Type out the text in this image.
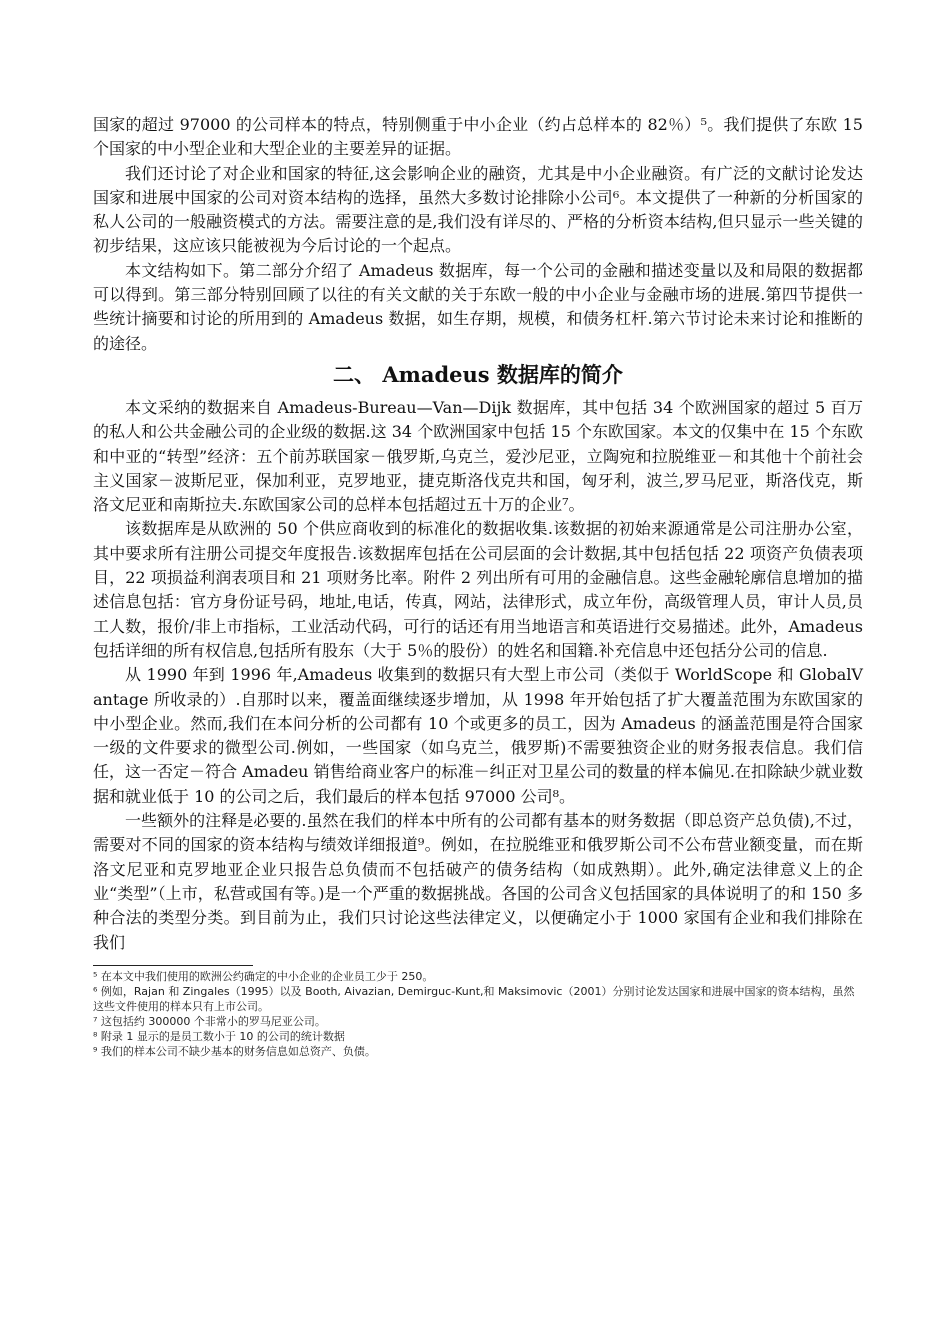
国家的超过 97000 的公司样本的特点，特别侧重于中小企业（约占总样本的 82％）⁵。我们提供了东欧 15 个国家的中小型企业和大型企业的主要差异的证据。

我们还讨论了对企业和国家的特征,这会影响企业的融资，尤其是中小企业融资。有广泛的文献讨论发达国家和进展中国家的公司对资本结构的选择，虽然大多数讨论排除小公司⁶。本文提供了一种新的分析国家的私人公司的一般融资模式的方法。需要注意的是,我们没有详尽的、严格的分析资本结构,但只显示一些关键的初步结果，这应该只能被视为今后讨论的一个起点。

本文结构如下。第二部分介绍了 Amadeus 数据库，每一个公司的金融和描述变量以及和局限的数据都可以得到。第三部分特别回顾了以往的有关文献的关于东欧一般的中小企业与金融市场的进展.第四节提供一些统计摘要和讨论的所用到的 Amadeus 数据，如生存期，规模，和债务杠杆.第六节讨论未来讨论和推断的的途径。

二、 Amadeus 数据库的简介

本文采纳的数据来自 Amadeus-Bureau—Van—Dijk 数据库，其中包括 34 个欧洲国家的超过 5 百万的私人和公共金融公司的企业级的数据.这 34 个欧洲国家中包括 15 个东欧国家。本文的仅集中在 15 个东欧和中亚的“转型”经济：五个前苏联国家－俄罗斯,乌克兰，爱沙尼亚，立陶宛和拉脱维亚－和其他十个前社会主义国家－波斯尼亚，保加利亚，克罗地亚，捷克斯洛伐克共和国，匈牙利，波兰,罗马尼亚，斯洛伐克，斯洛文尼亚和南斯拉夫.东欧国家公司的总样本包括超过五十万的企业⁷。

该数据库是从欧洲的 50 个供应商收到的标准化的数据收集.该数据的初始来源通常是公司注册办公室，其中要求所有注册公司提交年度报告.该数据库包括在公司层面的会计数据,其中包括包括 22 项资产负债表项目，22 项损益利润表项目和 21 项财务比率。附件 2 列出所有可用的金融信息。这些金融轮廓信息增加的描述信息包括：官方身份证号码，地址,电话，传真，网站，法律形式，成立年份，高级管理人员，审计人员,员工人数，报价/非上市指标，工业活动代码，可行的话还有用当地语言和英语进行交易描述。此外，Amadeus 包括详细的所有权信息,包括所有股东（大于 5％的股份）的姓名和国籍.补充信息中还包括分公司的信息.

从 1990 年到 1996 年,Amadeus 收集到的数据只有大型上市公司（类似于 WorldScope 和 GlobalVantage 所收录的）.自那时以来，覆盖面继续逐步增加，从 1998 年开始包括了扩大覆盖范围为东欧国家的中小型企业。然而,我们在本问分析的公司都有 10 个或更多的员工，因为 Amadeus 的涵盖范围是符合国家一级的文件要求的微型公司.例如，一些国家（如乌克兰，俄罗斯)不需要独资企业的财务报表信息。我们信任，这一否定－符合 Amadeu 销售给商业客户的标准－纠正对卫星公司的数量的样本偏见.在扣除缺少就业数据和就业低于 10 的公司之后，我们最后的样本包括 97000 公司⁸。

一些额外的注释是必要的.虽然在我们的样本中所有的公司都有基本的财务数据（即总资产总负债),不过，需要对不同的国家的资本结构与绩效详细报道⁹。例如，在拉脱维亚和俄罗斯公司不公布营业额变量，而在斯洛文尼亚和克罗地亚企业只报告总负债而不包括破产的债务结构（如成熟期）。此外,确定法律意义上的企业“类型”（上市，私营或国有等。)是一个严重的数据挑战。各国的公司含义包括国家的具体说明了的和 150 多种合法的类型分类。到目前为止，我们只讨论这些法律定义，以便确定小于 1000 家国有企业和我们排除在我们

⁵ 在本文中我们使用的欧洲公约确定的中小企业的企业员工少于 250。

⁶ 例如，Rajan 和 Zingales（1995）以及 Booth, Aivazian, Demirguc-Kunt,和 Maksimovic（2001）分别讨论发达国家和进展中国家的资本结构，虽然这些文件使用的样本只有上市公司。

⁷ 这包括约 300000 个非常小的罗马尼亚公司。

⁸ 附录 1 显示的是员工数小于 10 的公司的统计数据

⁹ 我们的样本公司不缺少基本的财务信息如总资产、负债。
